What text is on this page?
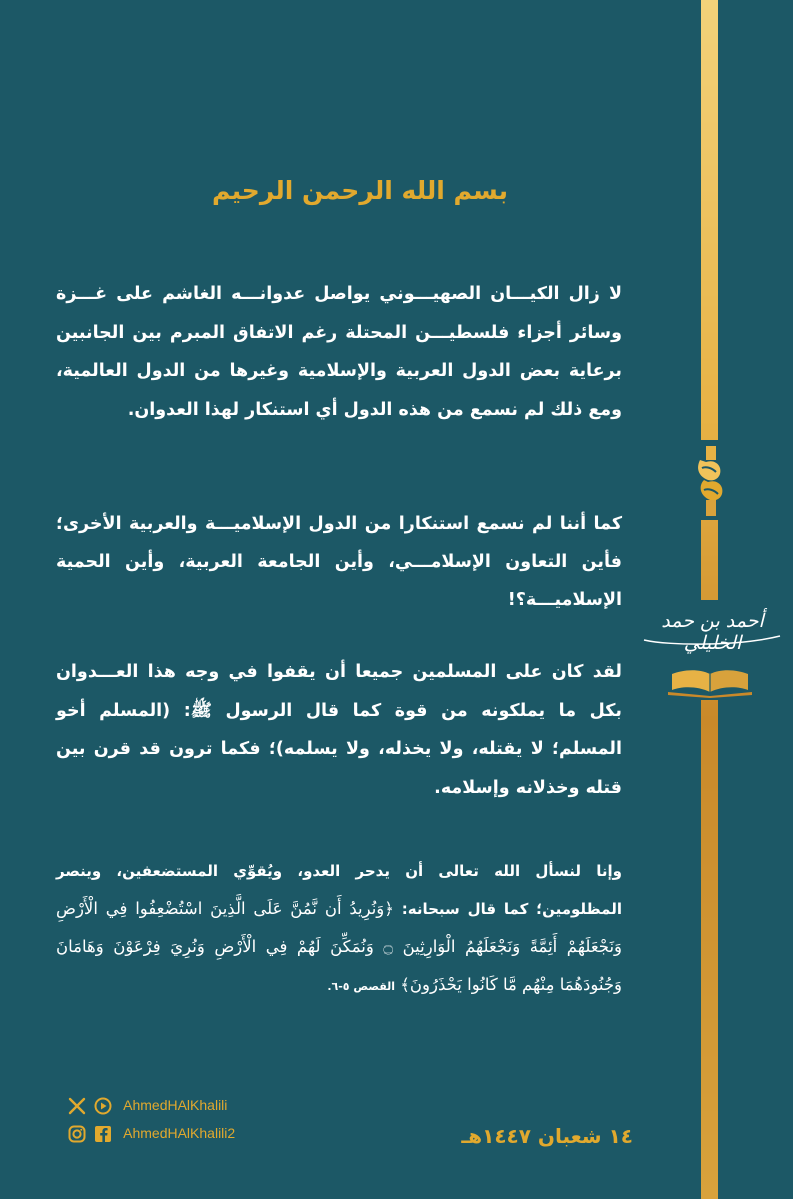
أحمد بن حمد الخليلي
بسم الله الرحمن الرحيم
لا زال الكيـــان الصهيـــوني يواصل عدوانـــه الغاشم على غـــزة وسائر أجزاء فلسطيـــن المحتلة رغم الاتفاق المبرم بين الجانبين برعاية بعض الدول العربية والإسلامية وغيرها من الدول العالمية، ومع ذلك لم نسمع من هذه الدول أي استنكار لهذا العدوان.
كما أننا لم نسمع استنكارا من الدول الإسلاميـــة والعربية الأخرى؛ فأين التعاون الإسلامـــي، وأين الجامعة العربية، وأين الحمية الإسلاميـــة؟!
لقد كان على المسلمين جميعا أن يقفوا في وجه هذا العـــدوان بكل ما يملكونه من قوة كما قال الرسول ﷺ: (المسلم أخو المسلم؛ لا يقتله، ولا يخذله، ولا يسلمه)؛ فكما ترون قد قرن بين قتله وخذلانه وإسلامه.
وإنا لنسأل الله تعالى أن يدحر العدو، ويُقوِّي المستضعفين، وينصر المظلومين؛ كما قال سبحانه: ﴿وَنُرِيدُ أَن نَّمُنَّ عَلَى الَّذِينَ اسْتُضْعِفُوا فِي الْأَرْضِ وَنَجْعَلَهُمْ أَئِمَّةً وَنَجْعَلَهُمُ الْوَارِثِينَ ۝ وَنُمَكِّنَ لَهُمْ فِي الْأَرْضِ وَنُرِيَ فِرْعَوْنَ وَهَامَانَ وَجُنُودَهُمَا مِنْهُم مَّا كَانُوا يَحْذَرُونَ﴾ القصص ٥-٦.
AhmedHAlKhalili
AhmedHAlKhalili2	١٤ شعبان ١٤٤٧هـ
